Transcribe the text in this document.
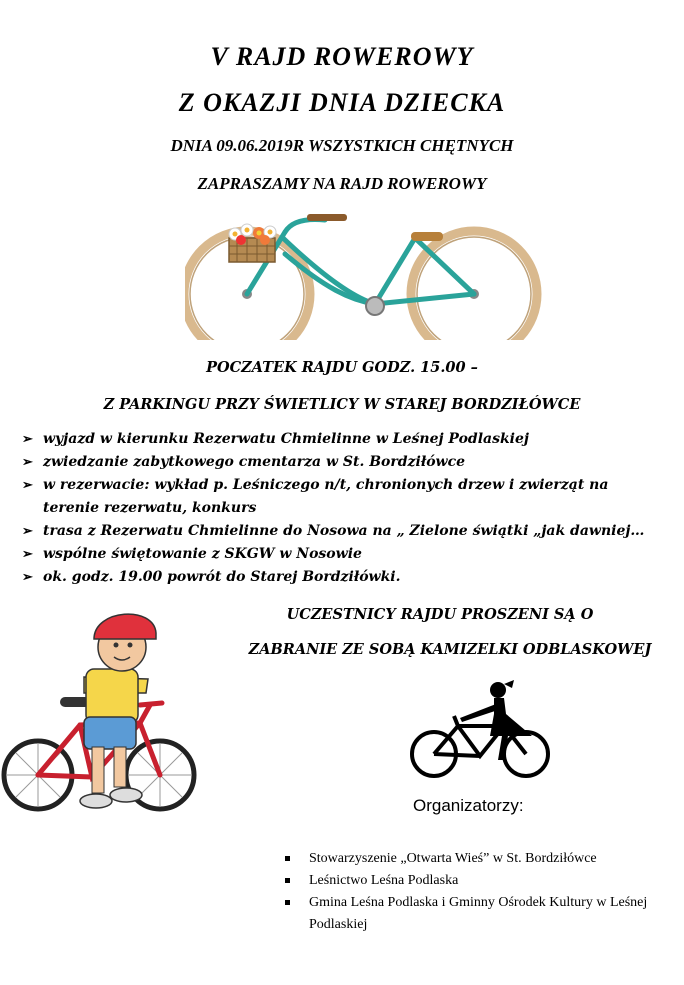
V RAJD ROWEROWY
Z OKAZJI DNIA DZIECKA
DNIA 09.06.2019R WSZYSTKICH CHĘTNYCH
ZAPRASZAMY NA RAJD ROWEROWY
POCZATEK RAJDU GODZ. 15.00 –
Z PARKINGU PRZY ŚWIETLICY W STAREJ BORDZIŁÓWCE
➢ wyjazd w kierunku Rezerwatu Chmielinne w Leśnej Podlaskiej
➢ zwiedzanie zabytkowego cmentarza w St. Bordziłówce
➢ w rezerwacie: wykład p. Leśniczego n/t, chronionych drzew i zwierząt na terenie rezerwatu, konkurs
➢ trasa z Rezerwatu Chmielinne do Nosowa na „ Zielone świątki „jak dawniej…
➢ wspólne świętowanie z SKGW w Nosowie
➢ ok. godz. 19.00 powrót do Starej Bordziłówki.
UCZESTNICY RAJDU PROSZENI SĄ O
ZABRANIE ZE SOBĄ KAMIZELKI ODBLASKOWEJ
Organizatorzy:
Stowarzyszenie „Otwarta Wieś” w St. Bordziłówce
Leśnictwo Leśna Podlaska
Gmina Leśna Podlaska i Gminny Ośrodek Kultury w Leśnej Podlaskiej
